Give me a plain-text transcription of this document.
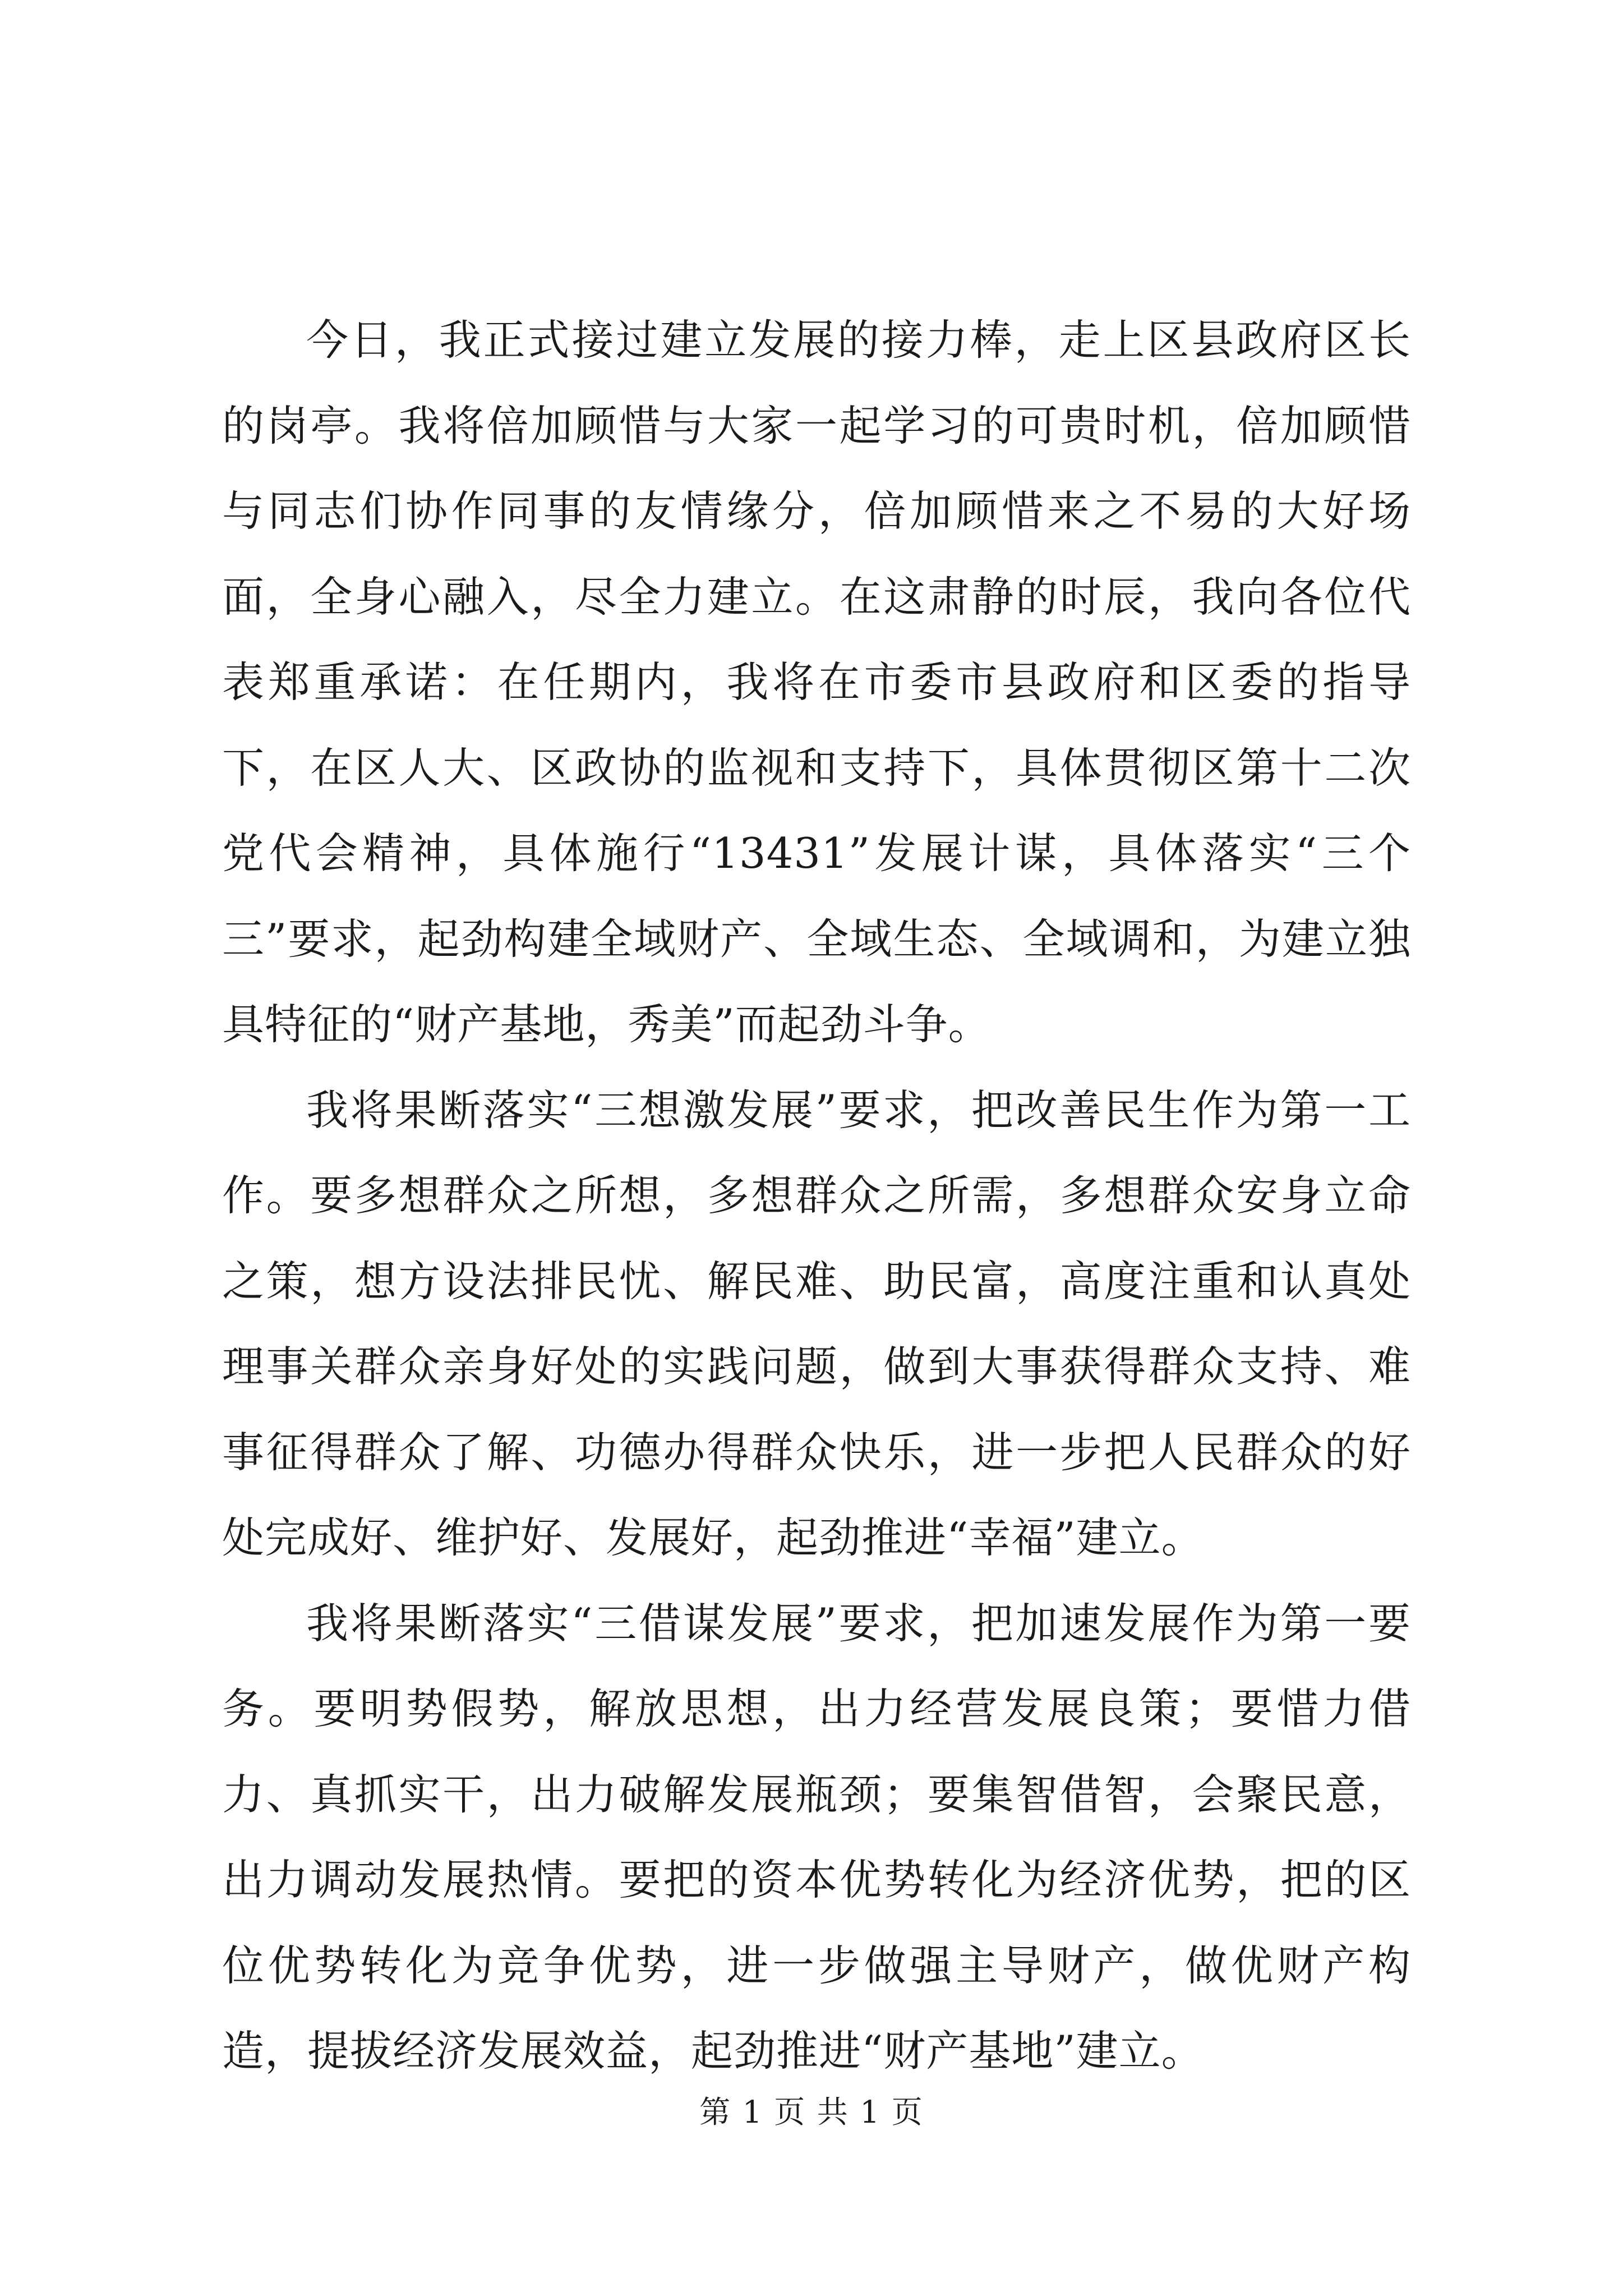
今日，我正式接过建立发展的接力棒，走上区县政府区长的岗亭。我将倍加顾惜与大家一起学习的可贵时机，倍加顾惜与同志们协作同事的友情缘分，倍加顾惜来之不易的大好场面，全身心融入，尽全力建立。在这肃静的时辰，我向各位代表郑重承诺：在任期内，我将在市委市县政府和区委的指导下，在区人大、区政协的监视和支持下，具体贯彻区第十二次党代会精神，具体施行“13431”发展计谋，具体落实“三个三”要求，起劲构建全域财产、全域生态、全域调和，为建立独具特征的“财产基地，秀美”而起劲斗争。

我将果断落实“三想激发展”要求，把改善民生作为第一工作。要多想群众之所想，多想群众之所需，多想群众安身立命之策，想方设法排民忧、解民难、助民富，高度注重和认真处理事关群众亲身好处的实践问题，做到大事获得群众支持、难事征得群众了解、功德办得群众快乐，进一步把人民群众的好处完成好、维护好、发展好，起劲推进“幸福”建立。

我将果断落实“三借谋发展”要求，把加速发展作为第一要务。要明势假势，解放思想，出力经营发展良策；要惜力借力、真抓实干，出力破解发展瓶颈；要集智借智，会聚民意，出力调动发展热情。要把的资本优势转化为经济优势，把的区位优势转化为竞争优势，进一步做强主导财产，做优财产构造，提拔经济发展效益，起劲推进“财产基地”建立。

第 1 页 共 1 页
